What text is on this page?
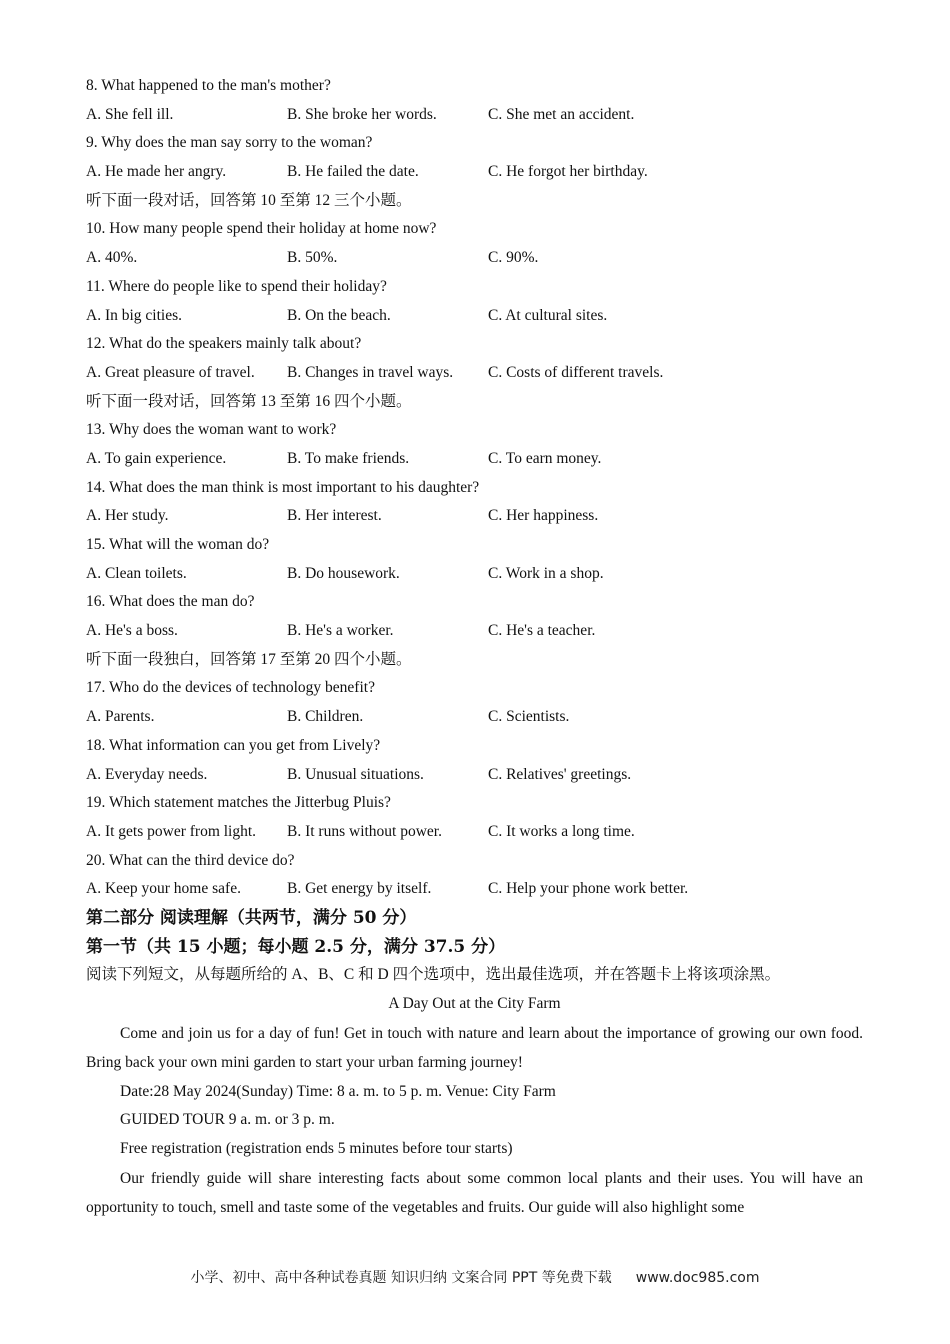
8. What happened to the man's mother?
A. She fell ill.	B. She broke her words.	C. She met an accident.
9. Why does the man say sorry to the woman?
A. He made her angry.	B. He failed the date.	C. He forgot her birthday.
听下面一段对话，回答第 10 至第 12 三个小题。
10. How many people spend their holiday at home now?
A. 40%.	B. 50%.	C. 90%.
11. Where do people like to spend their holiday?
A. In big cities.	B. On the beach.	C. At cultural sites.
12. What do the speakers mainly talk about?
A. Great pleasure of travel.	B. Changes in travel ways.	C. Costs of different travels.
听下面一段对话，回答第 13 至第 16 四个小题。
13. Why does the woman want to work?
A. To gain experience.	B. To make friends.	C. To earn money.
14. What does the man think is most important to his daughter?
A. Her study.	B. Her interest.	C. Her happiness.
15. What will the woman do?
A. Clean toilets.	B. Do housework.	C. Work in a shop.
16. What does the man do?
A. He's a boss.	B. He's a worker.	C. He's a teacher.
听下面一段独白，回答第 17 至第 20 四个小题。
17. Who do the devices of technology benefit?
A. Parents.	B. Children.	C. Scientists.
18. What information can you get from Lively?
A. Everyday needs.	B. Unusual situations.	C. Relatives' greetings.
19. Which statement matches the Jitterbug Pluis?
A. It gets power from light.	B. It runs without power.	C. It works a long time.
20. What can the third device do?
A. Keep your home safe.	B. Get energy by itself.	C. Help your phone work better.
第二部分 阅读理解（共两节，满分 50 分）
第一节（共 15 小题；每小题 2.5 分，满分 37.5 分）
阅读下列短文，从每题所给的 A、B、C 和 D 四个选项中，选出最佳选项，并在答题卡上将该项涂黑。
A Day Out at the City Farm
Come and join us for a day of fun! Get in touch with nature and learn about the importance of growing our own food. Bring back your own mini garden to start your urban farming journey!
Date:28 May 2024(Sunday) Time: 8 a. m. to 5 p. m. Venue: City Farm
GUIDED TOUR 9 a. m. or 3 p. m.
Free registration (registration ends 5 minutes before tour starts)
Our friendly guide will share interesting facts about some common local plants and their uses. You will have an opportunity to touch, smell and taste some of the vegetables and fruits. Our guide will also highlight some
小学、初中、高中各种试卷真题 知识归纳 文案合同 PPT 等免费下载 www.doc985.com
